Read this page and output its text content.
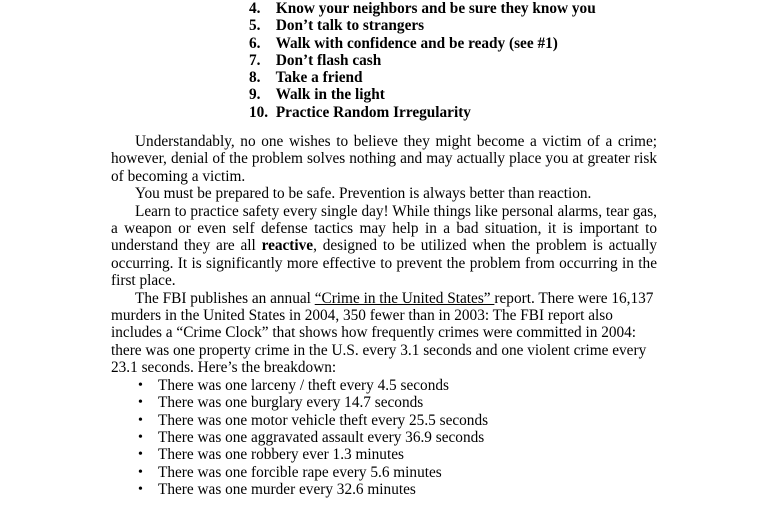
4. Know your neighbors and be sure they know you
5. Don’t talk to strangers
6. Walk with confidence and be ready (see #1)
7. Don’t flash cash
8. Take a friend
9. Walk in the light
10. Practice Random Irregularity

Understandably, no one wishes to believe they might become a victim of a crime; however, denial of the problem solves nothing and may actually place you at greater risk of becoming a victim.

You must be prepared to be safe. Prevention is always better than reaction.

Learn to practice safety every single day! While things like personal alarms, tear gas, a weapon or even self defense tactics may help in a bad situation, it is important to understand they are all reactive, designed to be utilized when the problem is actually occurring. It is significantly more effective to prevent the problem from occurring in the first place.

The FBI publishes an annual “Crime in the United States” report. There were 16,137
murders in the United States in 2004, 350 fewer than in 2003: The FBI report also
includes a “Crime Clock” that shows how frequently crimes were committed in 2004:
there was one property crime in the U.S. every 3.1 seconds and one violent crime every
23.1 seconds. Here’s the breakdown:

• There was one larceny / theft every 4.5 seconds
• There was one burglary every 14.7 seconds
• There was one motor vehicle theft every 25.5 seconds
• There was one aggravated assault every 36.9 seconds
• There was one robbery ever 1.3 minutes
• There was one forcible rape every 5.6 minutes
• There was one murder every 32.6 minutes
